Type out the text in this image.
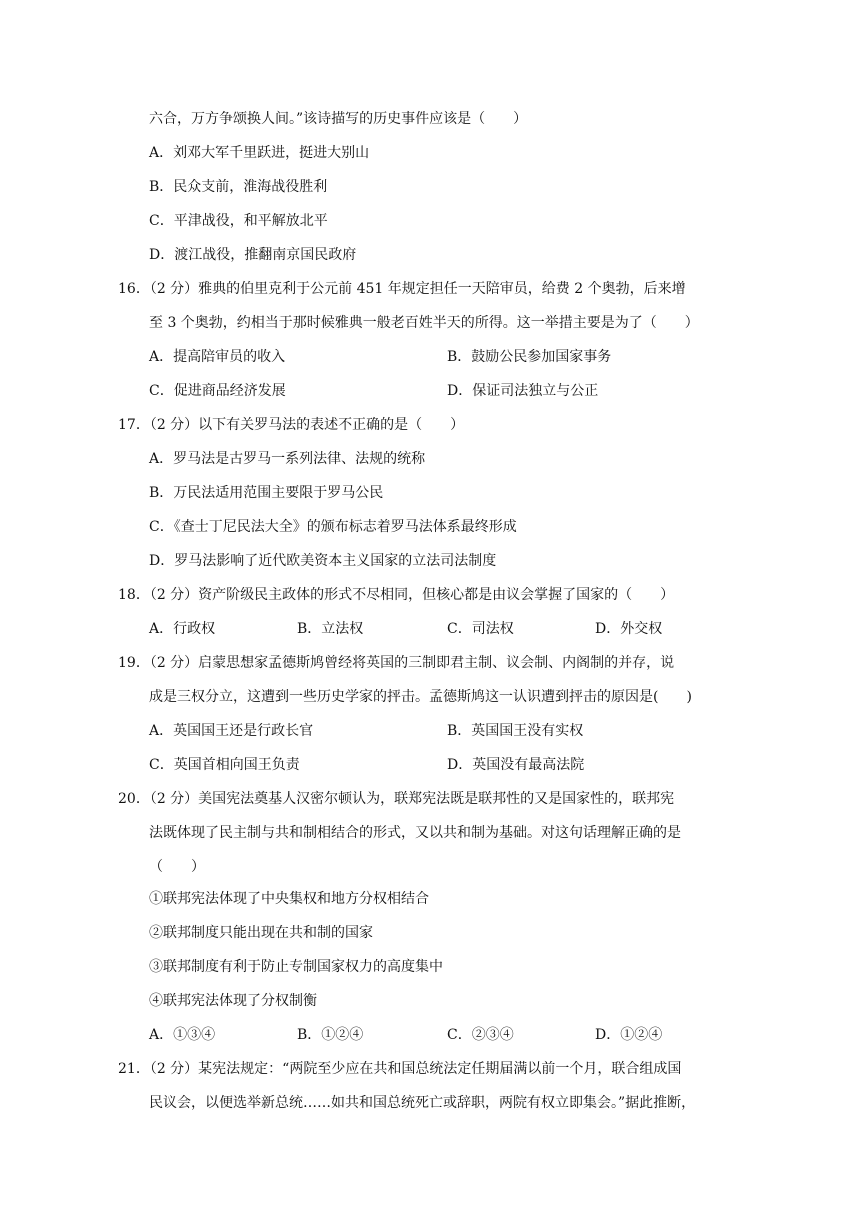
六合，万方争颂换人间。”该诗描写的历史事件应该是（　　）
A．刘邓大军千里跃进，挺进大别山
B．民众支前，淮海战役胜利
C．平津战役，和平解放北平
D．渡江战役，推翻南京国民政府
16．（2 分）雅典的伯里克利于公元前 451 年规定担任一天陪审员，给费 2 个奥勃，后来增
至 3 个奥勃，约相当于那时候雅典一般老百姓半天的所得。这一举措主要是为了（　　）
A．提高陪审员的收入	B．鼓励公民参加国家事务
C．促进商品经济发展	D．保证司法独立与公正
17．（2 分）以下有关罗马法的表述不正确的是（　　）
A．罗马法是古罗马一系列法律、法规的统称
B．万民法适用范围主要限于罗马公民
C．《查士丁尼民法大全》的颁布标志着罗马法体系最终形成
D．罗马法影响了近代欧美资本主义国家的立法司法制度
18．（2 分）资产阶级民主政体的形式不尽相同，但核心都是由议会掌握了国家的（　　）
A．行政权	B．立法权	C．司法权	D．外交权
19．（2 分）启蒙思想家孟德斯鸠曾经将英国的三制即君主制、议会制、内阁制的并存，说
成是三权分立，这遭到一些历史学家的抨击。孟德斯鸠这一认识遭到抨击的原因是(　　)
A．英国国王还是行政长官	B．英国国王没有实权
C．英国首相向国王负责	D．英国没有最高法院
20．（2 分）美国宪法奠基人汉密尔顿认为，联郑宪法既是联邦性的又是国家性的，联邦宪
法既体现了民主制与共和制相结合的形式，又以共和制为基础。对这句话理解正确的是
（　　）
①联邦宪法体现了中央集权和地方分权相结合
②联邦制度只能出现在共和制的国家
③联邦制度有利于防止专制国家权力的高度集中
④联邦宪法体现了分权制衡
A．①③④	B．①②④	C．②③④	D．①②④
21．（2 分）某宪法规定：“两院至少应在共和国总统法定任期届满以前一个月，联合组成国
民议会，以便选举新总统……如共和国总统死亡或辞职，两院有权立即集会。”据此推断，
